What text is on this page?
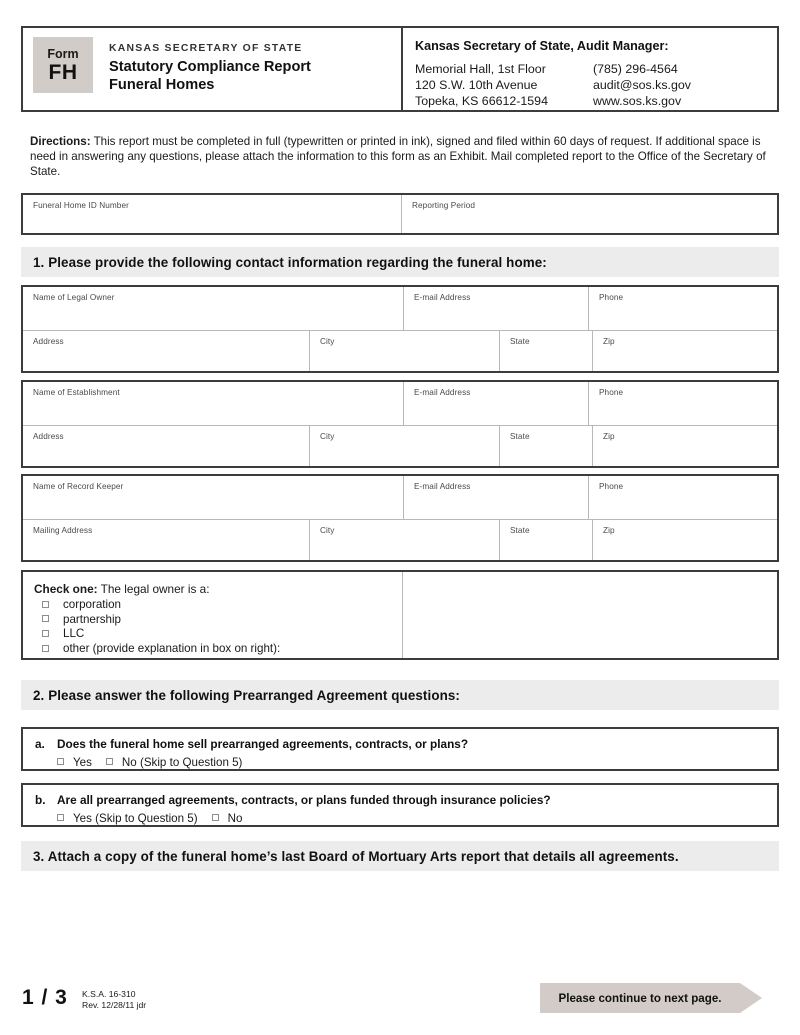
Form
FH
KANSAS SECRETARY OF STATE
Statutory Compliance Report
Funeral Homes
Kansas Secretary of State, Audit Manager:
Memorial Hall, 1st Floor
120 S.W. 10th Avenue
Topeka, KS 66612-1594
(785) 296-4564
audit@sos.ks.gov
www.sos.ks.gov
Directions: This report must be completed in full (typewritten or printed in ink), signed and filed within 60 days of request. If additional space is need in answering any questions, please attach the information to this form as an Exhibit. Mail completed report to the Office of the Secretary of State.
Funeral Home ID Number	Reporting Period
1. Please provide the following contact information regarding the funeral home:
Name of Legal Owner	E-mail Address	Phone
Address	City	State	Zip
Name of Establishment	E-mail Address	Phone
Address	City	State	Zip
Name of Record Keeper	E-mail Address	Phone
Mailing Address	City	State	Zip
Check one: The legal owner is a:
corporation
partnership
LLC
other (provide explanation in box on right):
2. Please answer the following Prearranged Agreement questions:
a.	Does the funeral home sell prearranged agreements, contracts, or plans?
Yes	No (Skip to Question 5)
b. Are all prearranged agreements, contracts, or plans funded through insurance policies?
Yes (Skip to Question 5)	No
3. Attach a copy of the funeral home’s last Board of Mortuary Arts report that details all agreements.
1 / 3 K.S.A. 16-310
Rev. 12/28/11 jdr
Please continue to next page.
